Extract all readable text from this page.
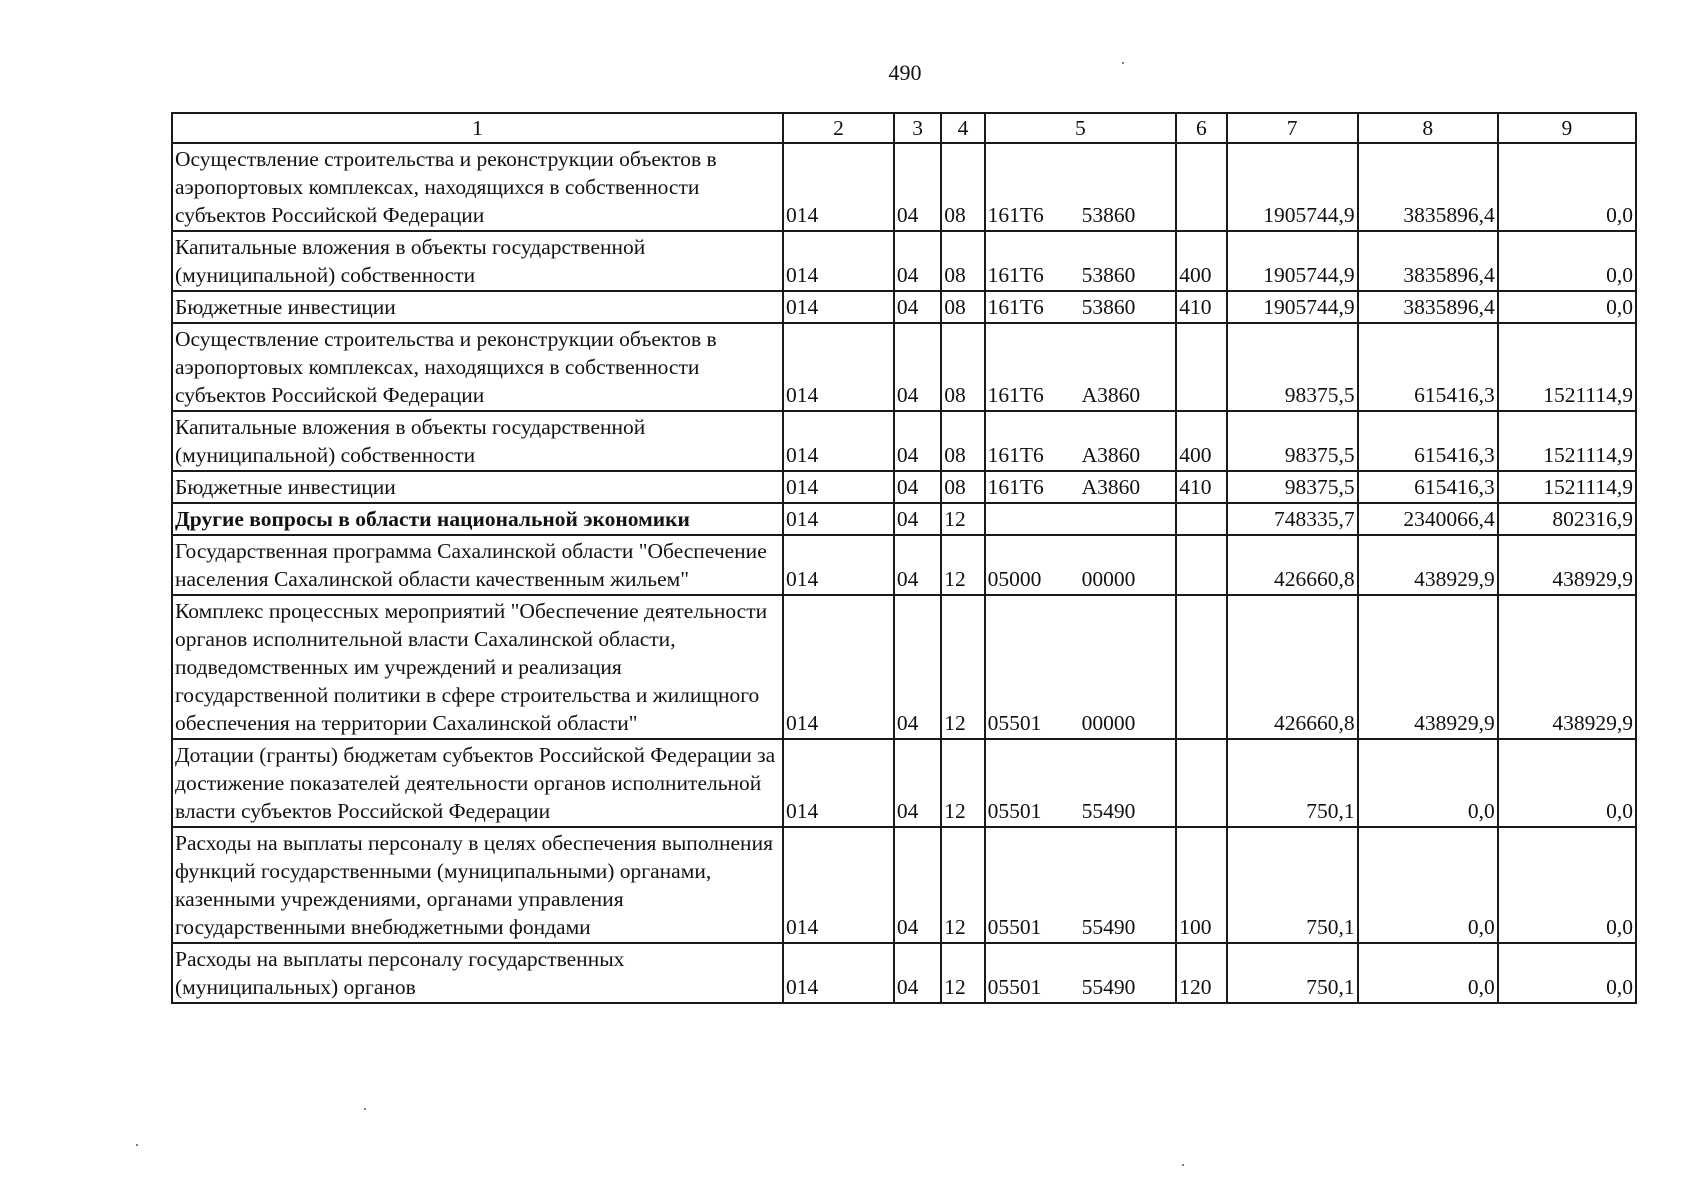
490
1	2	3	4	5	6	7	8	9
Осуществление строительства и реконструкции объектов в аэропортовых комплексах, находящихся в собственности субъектов Российской Федерации	014	04	08	161Т6 53860		1905744,9	3835896,4	0,0
Капитальные вложения в объекты государственной (муниципальной) собственности	014	04	08	161Т6 53860	400	1905744,9	3835896,4	0,0
Бюджетные инвестиции	014	04	08	161Т6 53860	410	1905744,9	3835896,4	0,0
Осуществление строительства и реконструкции объектов в аэропортовых комплексах, находящихся в собственности субъектов Российской Федерации	014	04	08	161Т6 А3860		98375,5	615416,3	1521114,9
Капитальные вложения в объекты государственной (муниципальной) собственности	014	04	08	161Т6 А3860	400	98375,5	615416,3	1521114,9
Бюджетные инвестиции	014	04	08	161Т6 А3860	410	98375,5	615416,3	1521114,9
Другие вопросы в области национальной экономики	014	04	12			748335,7	2340066,4	802316,9
Государственная программа Сахалинской области "Обеспечение населения Сахалинской области качественным жильем"	014	04	12	05000 00000		426660,8	438929,9	438929,9
Комплекс процессных мероприятий "Обеспечение деятельности органов исполнительной власти Сахалинской области, подведомственных им учреждений и реализация государственной политики в сфере строительства и жилищного обеспечения на территории Сахалинской области"	014	04	12	05501 00000		426660,8	438929,9	438929,9
Дотации (гранты) бюджетам субъектов Российской Федерации за достижение показателей деятельности органов исполнительной власти субъектов Российской Федерации	014	04	12	05501 55490		750,1	0,0	0,0
Расходы на выплаты персоналу в целях обеспечения выполнения функций государственными (муниципальными) органами, казенными учреждениями, органами управления государственными внебюджетными фондами	014	04	12	05501 55490	100	750,1	0,0	0,0
Расходы на выплаты персоналу государственных (муниципальных) органов	014	04	12	05501 55490	120	750,1	0,0	0,0
